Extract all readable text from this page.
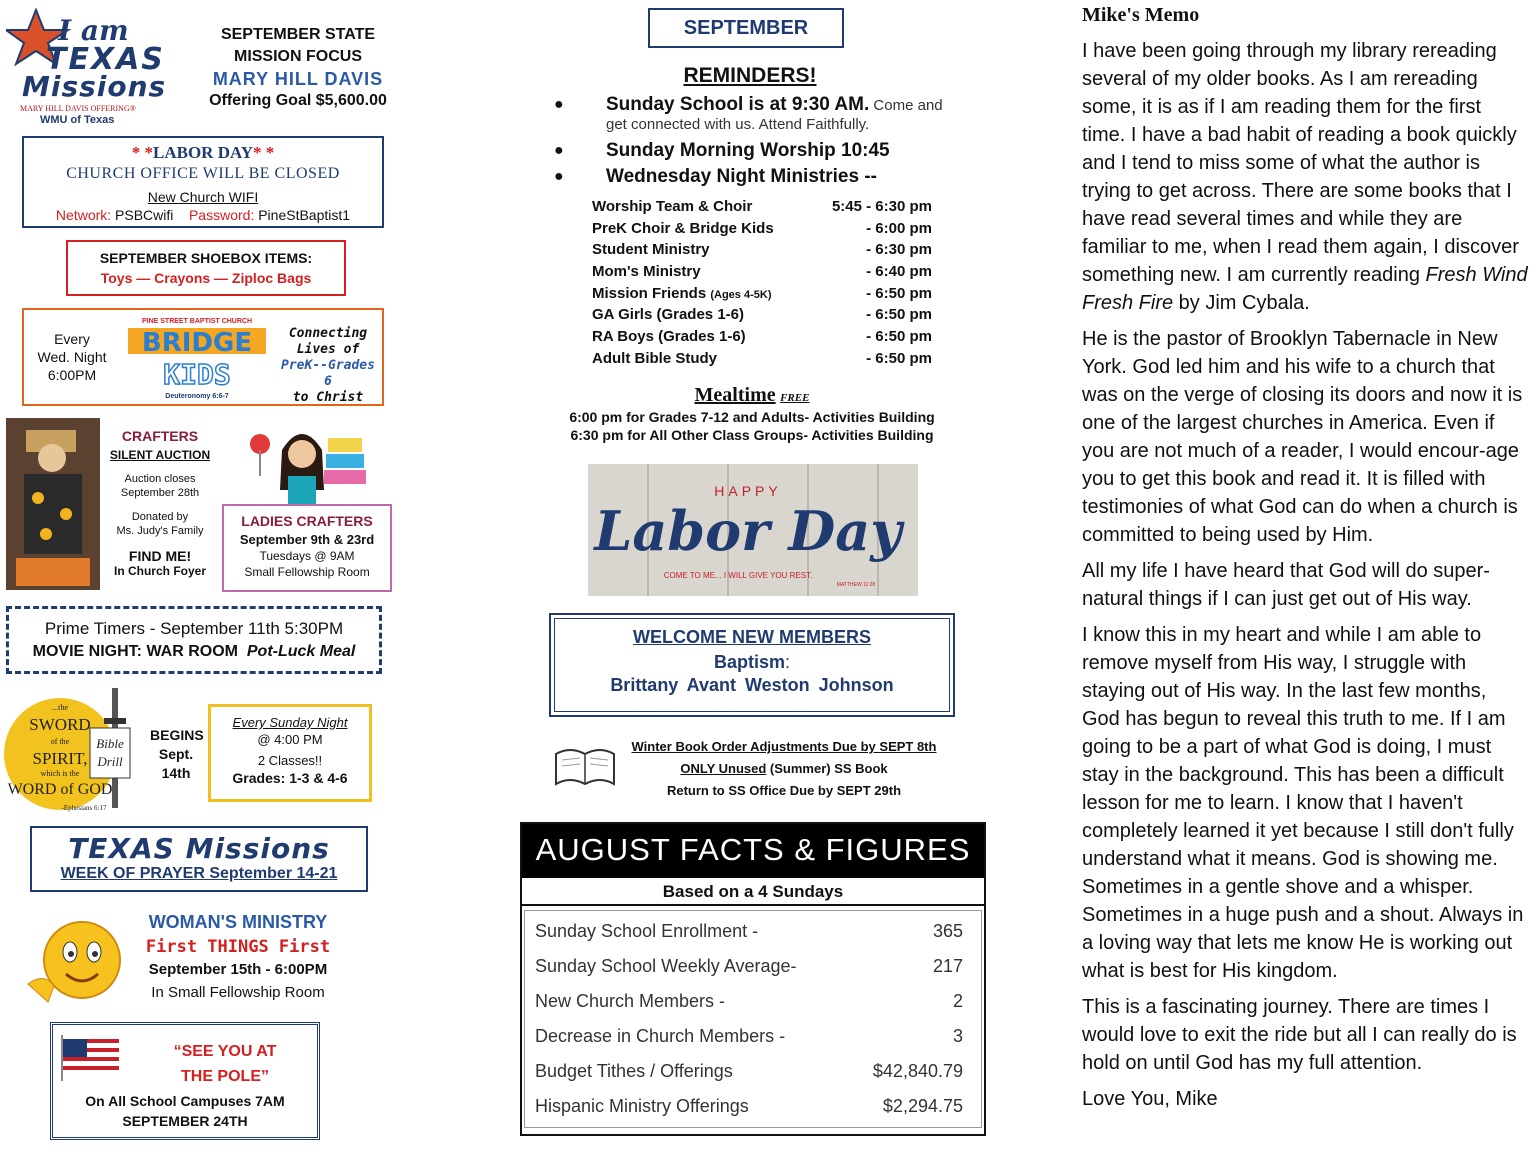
I am
TEXAS
Missions
MARY HILL DAVIS OFFERING®
WMU of Texas
SEPTEMBER STATE
MISSION FOCUS
MARY HILL DAVIS
Offering Goal $5,600.00
* *LABOR DAY* *
CHURCH OFFICE WILL BE CLOSED
New Church WIFI
Network: PSBCwifi Password: PineStBaptist1
SEPTEMBER SHOEBOX ITEMS:
Toys — Crayons — Ziploc Bags
Every
Wed. Night
6:00PM
PINE STREET BAPTIST CHURCH
BRIDGE
KIDS
Deuteronomy 6:6-7
Connecting
Lives of
PreK--Grades 6
to Christ
CRAFTERS
SILENT AUCTION
Auction closes
September 28th
Donated by
Ms. Judy's Family
FIND ME!
In Church Foyer
LADIES CRAFTERS
September 9th & 23rd
Tuesdays @ 9AM
Small Fellowship Room
Prime Timers - September 11th 5:30PM
MOVIE NIGHT: WAR ROOM Pot-Luck Meal
...the
SWORD
of the
SPIRIT,
which is the
WORD of GOD
-Ephesians 6:17
Bible
Drill
BEGINS
Sept.
14th
Every Sunday Night
@ 4:00 PM
2 Classes!!
Grades: 1-3 & 4-6
TEXAS Missions
WEEK OF PRAYER September 14-21
WOMAN'S MINISTRY
First THINGS First
September 15th - 6:00PM
In Small Fellowship Room
“SEE YOU AT
THE POLE”
On All School Campuses 7AM
SEPTEMBER 24TH
SEPTEMBER
REMINDERS!
● Sunday School is at 9:30 AM. Come and get connected with us. Attend Faithfully.
● Sunday Morning Worship 10:45
● Wednesday Night Ministries --
Worship Team & Choir	5:45 - 6:30 pm
PreK Choir & Bridge Kids	- 6:00 pm
Student Ministry	- 6:30 pm
Mom's Ministry	- 6:40 pm
Mission Friends (Ages 4-5K)	- 6:50 pm
GA Girls (Grades 1-6)	- 6:50 pm
RA Boys (Grades 1-6)	- 6:50 pm
Adult Bible Study	- 6:50 pm
Mealtime FREE
6:00 pm for Grades 7-12 and Adults- Activities Building
6:30 pm for All Other Class Groups- Activities Building
HAPPY
Labor Day
COME TO ME... I WILL GIVE YOU REST.
MATTHEW 11:28
WELCOME NEW MEMBERS
Baptism:
Brittany Avant Weston Johnson
Winter Book Order Adjustments Due by SEPT 8th
ONLY Unused (Summer) SS Book
Return to SS Office Due by SEPT 29th
AUGUST FACTS & FIGURES
Based on a 4 Sundays
Sunday School Enrollment -	365
Sunday School Weekly Average-	217
New Church Members -	2
Decrease in Church Members -	3
Budget Tithes / Offerings	$42,840.79
Hispanic Ministry Offerings	$2,294.75
Mike's Memo

I have been going through my library rereading several of my older books. As I am rereading some, it is as if I am reading them for the first time. I have a bad habit of reading a book quickly and I tend to miss some of what the author is trying to get across. There are some books that I have read several times and while they are familiar to me, when I read them again, I discover something new. I am currently reading Fresh Wind Fresh Fire by Jim Cybala.

He is the pastor of Brooklyn Tabernacle in New York. God led him and his wife to a church that was on the verge of closing its doors and now it is one of the largest churches in America. Even if you are not much of a reader, I would encour-age you to get this book and read it. It is filled with testimonies of what God can do when a church is committed to being used by Him.

All my life I have heard that God will do super-natural things if I can just get out of His way.

I know this in my heart and while I am able to remove myself from His way, I struggle with staying out of His way. In the last few months, God has begun to reveal this truth to me. If I am going to be a part of what God is doing, I must stay in the background. This has been a difficult lesson for me to learn. I know that I haven't completely learned it yet because I still don't fully understand what it means. God is showing me. Sometimes in a gentle shove and a whisper. Sometimes in a huge push and a shout. Always in a loving way that lets me know He is working out what is best for His kingdom.

This is a fascinating journey. There are times I would love to exit the ride but all I can really do is hold on until God has my full attention.

Love You, Mike
